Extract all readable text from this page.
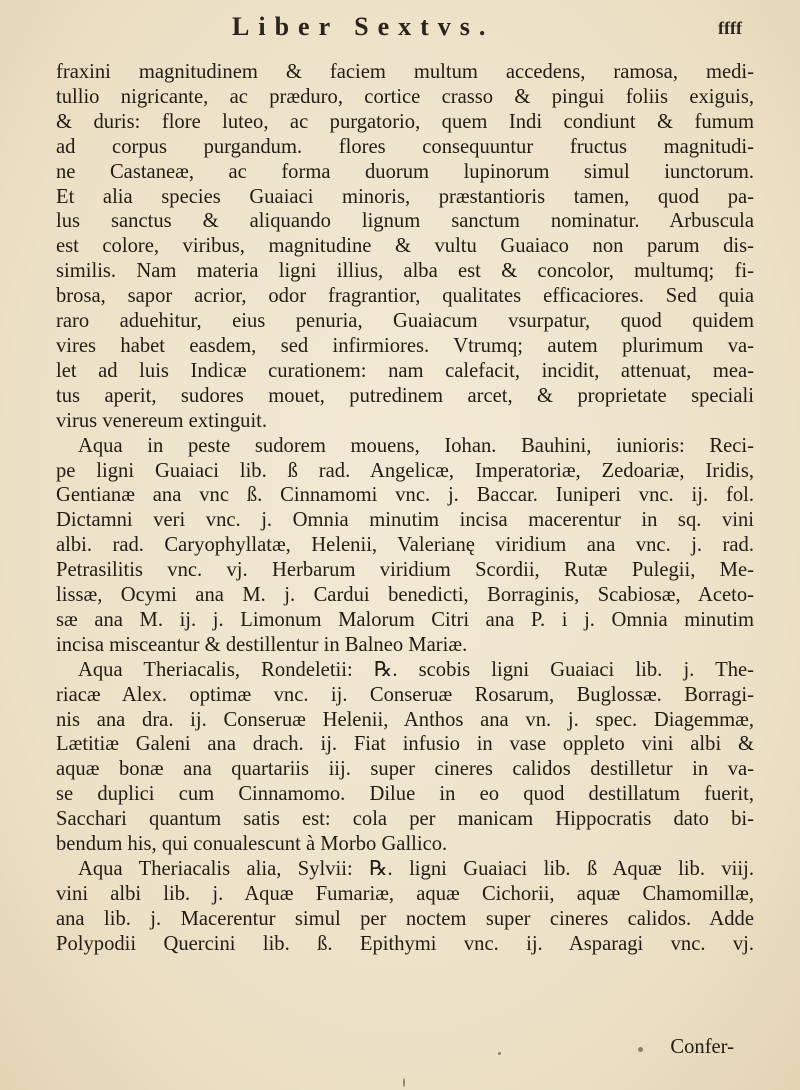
Liber Sextvs.	ffff
fraxini magnitudinem & faciem multum accedens, ramosa, medi-
tullio nigricante, ac præduro, cortice crasso & pingui foliis exiguis,
& duris: flore luteo, ac purgatorio, quem Indi condiunt & fumum
ad corpus purgandum. flores consequuntur fructus magnitudi-
ne Castaneæ, ac forma duorum lupinorum simul iunctorum.
Et alia species Guaiaci minoris, præstantioris tamen, quod pa-
lus sanctus & aliquando lignum sanctum nominatur. Arbuscula
est colore, viribus, magnitudine & vultu Guaiaco non parum dis-
similis. Nam materia ligni illius, alba est & concolor, multumq; fi-
brosa, sapor acrior, odor fragrantior, qualitates efficaciores. Sed quia
raro aduehitur, eius penuria, Guaiacum vsurpatur, quod quidem
vires habet easdem, sed infirmiores. Vtrumq; autem plurimum va-
let ad luis Indicæ curationem: nam calefacit, incidit, attenuat, mea-
tus aperit, sudores mouet, putredinem arcet, & proprietate speciali
virus venereum extinguit.
Aqua in peste sudorem mouens, Iohan. Bauhini, iunioris: Reci-
pe ligni Guaiaci lib. ß rad. Angelicæ, Imperatoriæ, Zedoariæ, Iridis,
Gentianæ ana vnc ß. Cinnamomi vnc. j. Baccar. Iuniperi vnc. ij. fol.
Dictamni veri vnc. j. Omnia minutim incisa macerentur in sq. vini
albi. rad. Caryophyllatæ, Helenii, Valerianę viridium ana vnc. j. rad.
Petrasilitis vnc. vj. Herbarum viridium Scordii, Rutæ Pulegii, Me-
lissæ, Ocymi ana M. j. Cardui benedicti, Borraginis, Scabiosæ, Aceto-
sæ ana M. ij. j. Limonum Malorum Citri ana P. i j. Omnia minutim
incisa misceantur & destillentur in Balneo Mariæ.
Aqua Theriacalis, Rondeletii: ℞. scobis ligni Guaiaci lib. j. The-
riacæ Alex. optimæ vnc. ij. Conseruæ Rosarum, Buglossæ. Borragi-
nis ana dra. ij. Conseruæ Helenii, Anthos ana vn. j. spec. Diagemmæ,
Lætitiæ Galeni ana drach. ij. Fiat infusio in vase oppleto vini albi &
aquæ bonæ ana quartariis iij. super cineres calidos destilletur in va-
se duplici cum Cinnamomo. Dilue in eo quod destillatum fuerit,
Sacchari quantum satis est: cola per manicam Hippocratis dato bi-
bendum his, qui conualescunt à Morbo Gallico.
Aqua Theriacalis alia, Sylvii: ℞. ligni Guaiaci lib. ß Aquæ lib. viij.
vini albi lib. j. Aquæ Fumariæ, aquæ Cichorii, aquæ Chamomillæ,
ana lib. j. Macerentur simul per noctem super cineres calidos. Adde
Polypodii Quercini lib. ß. Epithymi vnc. ij. Asparagi vnc. vj.
Confer-
